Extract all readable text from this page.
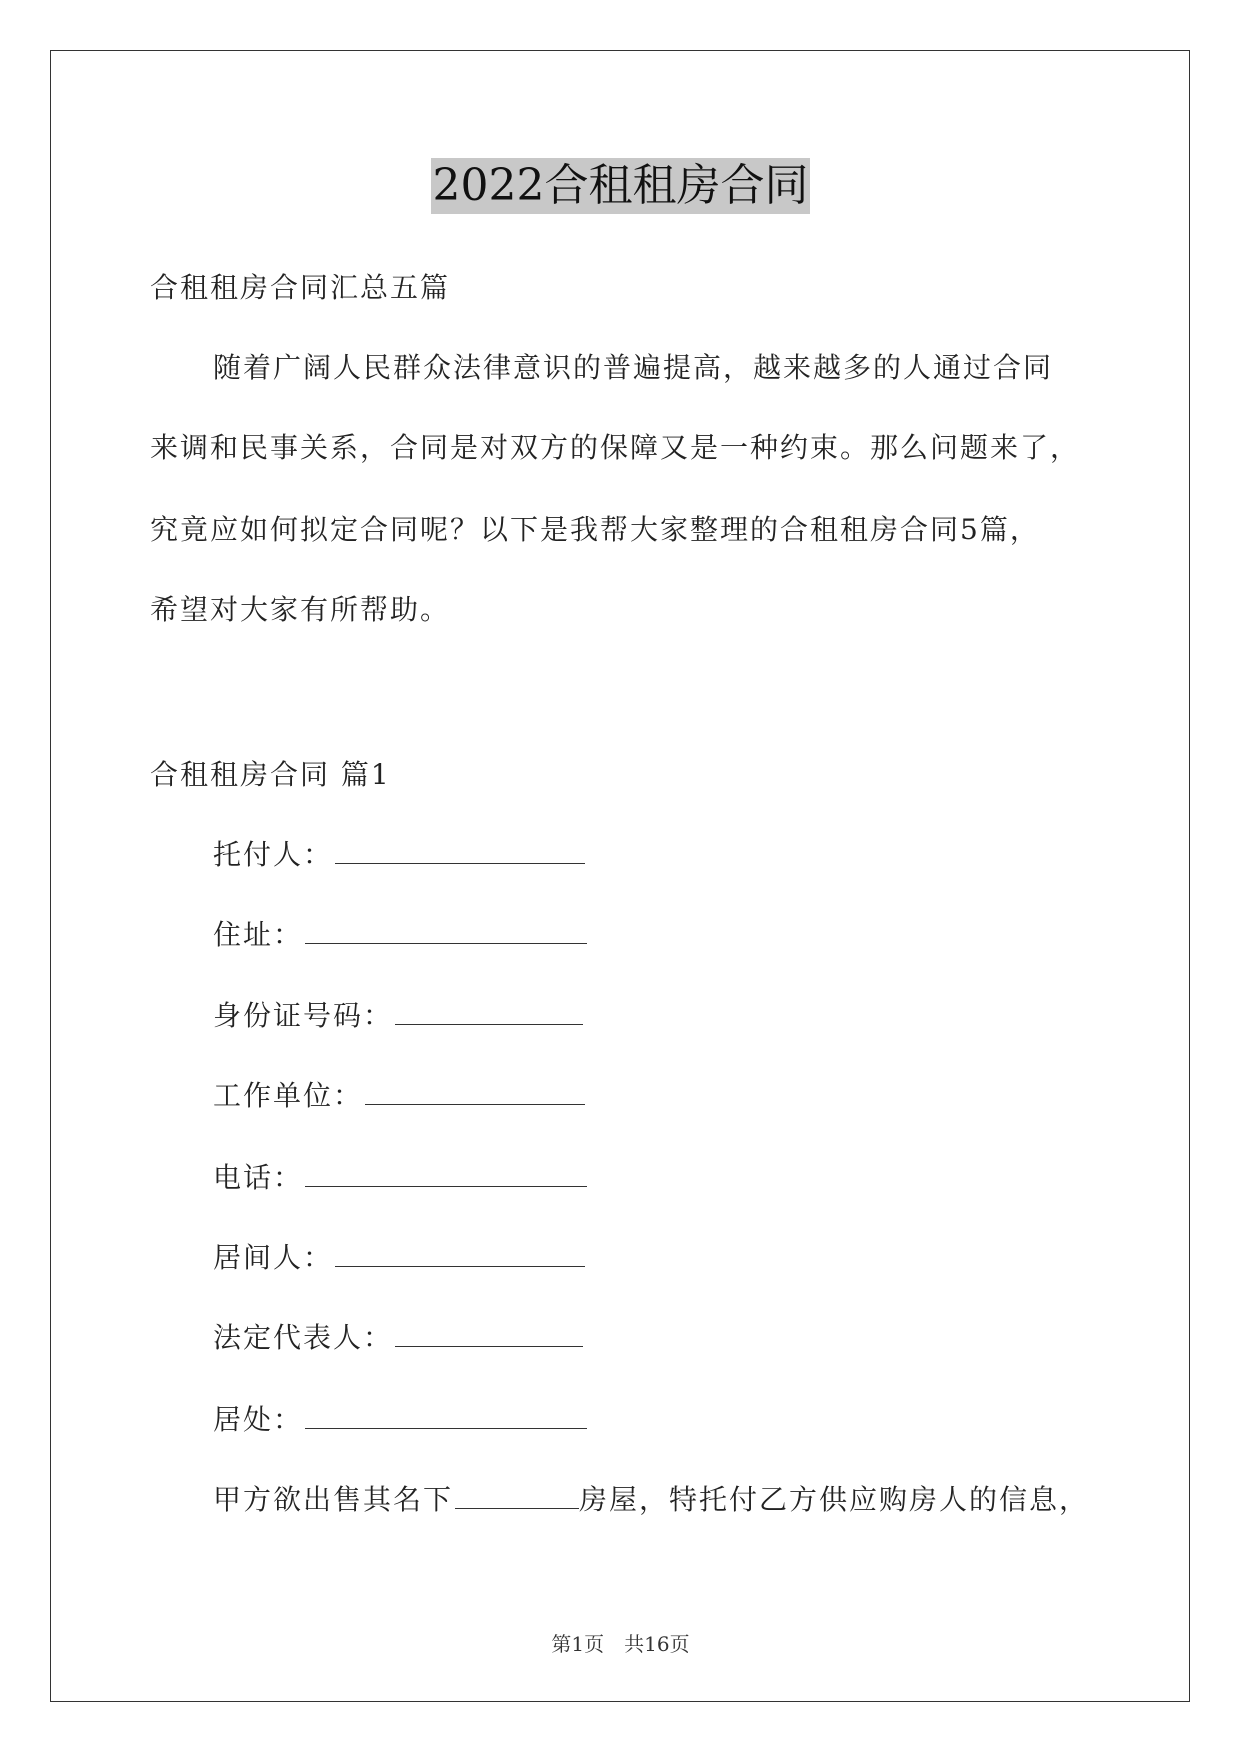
2022合租租房合同
合租租房合同汇总五篇
随着广阔人民群众法律意识的普遍提高，越来越多的人通过合同
来调和民事关系，合同是对双方的保障又是一种约束。那么问题来了，
究竟应如何拟定合同呢？以下是我帮大家整理的合租租房合同5篇，
希望对大家有所帮助。
合租租房合同 篇1
托付人：
住址：
身份证号码：
工作单位：
电话：
居间人：
法定代表人：
居处：
甲方欲出售其名下	房屋，特托付乙方供应购房人的信息，
第1页　共16页
